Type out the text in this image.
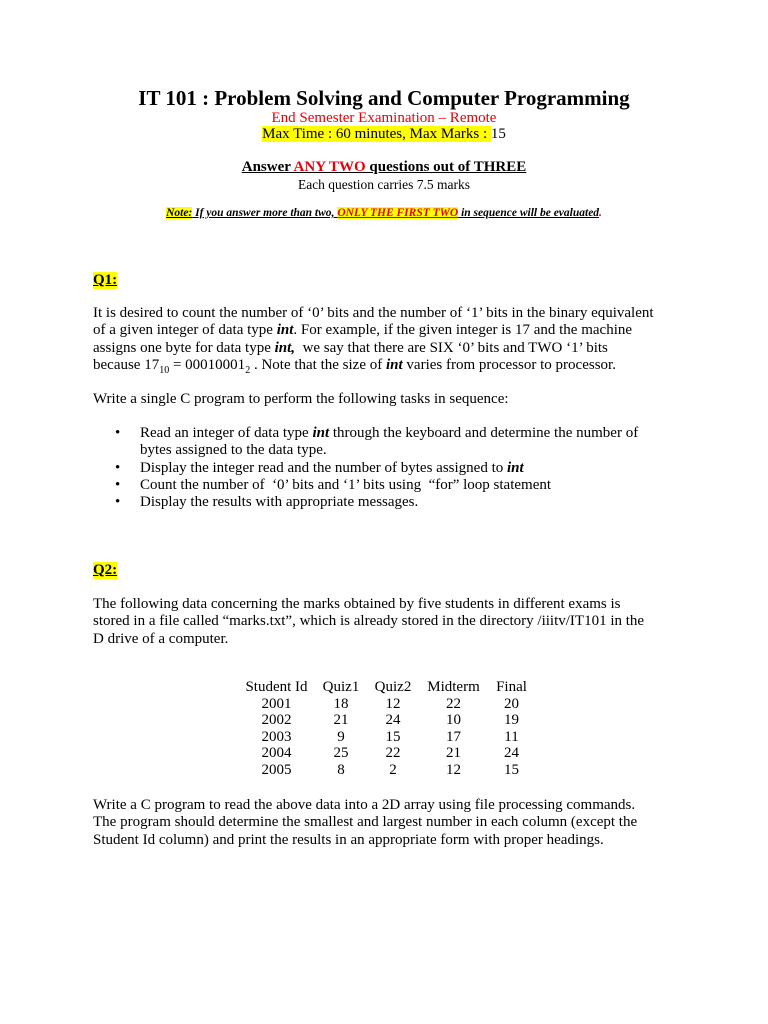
IT 101 : Problem Solving and Computer Programming
End Semester Examination – Remote
Max Time : 60 minutes, Max Marks : 15
Answer ANY TWO questions out of THREE
Each question carries 7.5 marks
Note: If you answer more than two, ONLY THE FIRST TWO in sequence will be evaluated.
Q1:
It is desired to count the number of ‘0’ bits and the number of ‘1’ bits in the binary equivalent
of a given integer of data type int. For example, if the given integer is 17 and the machine
assigns one byte for data type int,  we say that there are SIX ‘0’ bits and TWO ‘1’ bits
because $17_{10} = 00010001_2$ . Note that the size of int varies from processor to processor.
Write a single C program to perform the following tasks in sequence:
• Read an integer of data type int through the keyboard and determine the number of
bytes assigned to the data type.
• Display the integer read and the number of bytes assigned to int
• Count the number of  ‘0’ bits and ‘1’ bits using  “for” loop statement
• Display the results with appropriate messages.
Q2:
The following data concerning the marks obtained by five students in different exams is
stored in a file called “marks.txt”, which is already stored in the directory /iiitv/IT101 in the
D drive of a computer.
Student Id	Quiz1	Quiz2	Midterm	Final
2001	18	12	22	20
2002	21	24	10	19
2003	9	15	17	11
2004	25	22	21	24
2005	8	2	12	15
Write a C program to read the above data into a 2D array using file processing commands.
The program should determine the smallest and largest number in each column (except the
Student Id column) and print the results in an appropriate form with proper headings.
